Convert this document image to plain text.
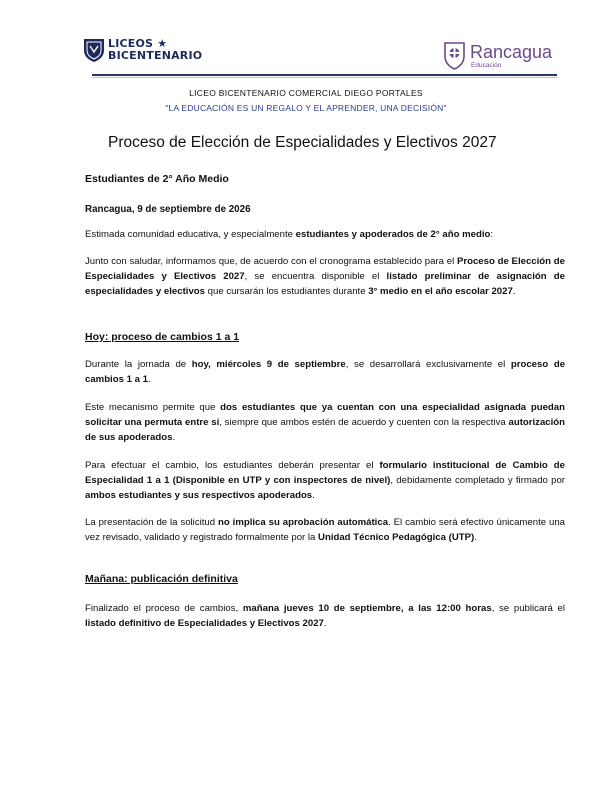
LICEOS ★
BICENTENARIO	Rancagua
Educación
LICEO BICENTENARIO COMERCIAL DIEGO PORTALES
"LA EDUCACIÓN ES UN REGALO Y EL APRENDER, UNA DECISIÓN"
Proceso de Elección de Especialidades y Electivos 2027
Estudiantes de 2° Año Medio
Rancagua, 9 de septiembre de 2026
Estimada comunidad educativa, y especialmente estudiantes y apoderados de 2° año medio:
Junto con saludar, informamos que, de acuerdo con el cronograma establecido para el Proceso de Elección de Especialidades y Electivos 2027, se encuentra disponible el listado preliminar de asignación de especialidades y electivos que cursarán los estudiantes durante 3° medio en el año escolar 2027.
Hoy: proceso de cambios 1 a 1
Durante la jornada de hoy, miércoles 9 de septiembre, se desarrollará exclusivamente el proceso de cambios 1 a 1.
Este mecanismo permite que dos estudiantes que ya cuentan con una especialidad asignada puedan solicitar una permuta entre sí, siempre que ambos estén de acuerdo y cuenten con la respectiva autorización de sus apoderados.
Para efectuar el cambio, los estudiantes deberán presentar el formulario institucional de Cambio de Especialidad 1 a 1 (Disponible en UTP y con inspectores de nivel), debidamente completado y firmado por ambos estudiantes y sus respectivos apoderados.
La presentación de la solicitud no implica su aprobación automática. El cambio será efectivo únicamente una vez revisado, validado y registrado formalmente por la Unidad Técnico Pedagógica (UTP).
Mañana: publicación definitiva
Finalizado el proceso de cambios, mañana jueves 10 de septiembre, a las 12:00 horas, se publicará el listado definitivo de Especialidades y Electivos 2027.
